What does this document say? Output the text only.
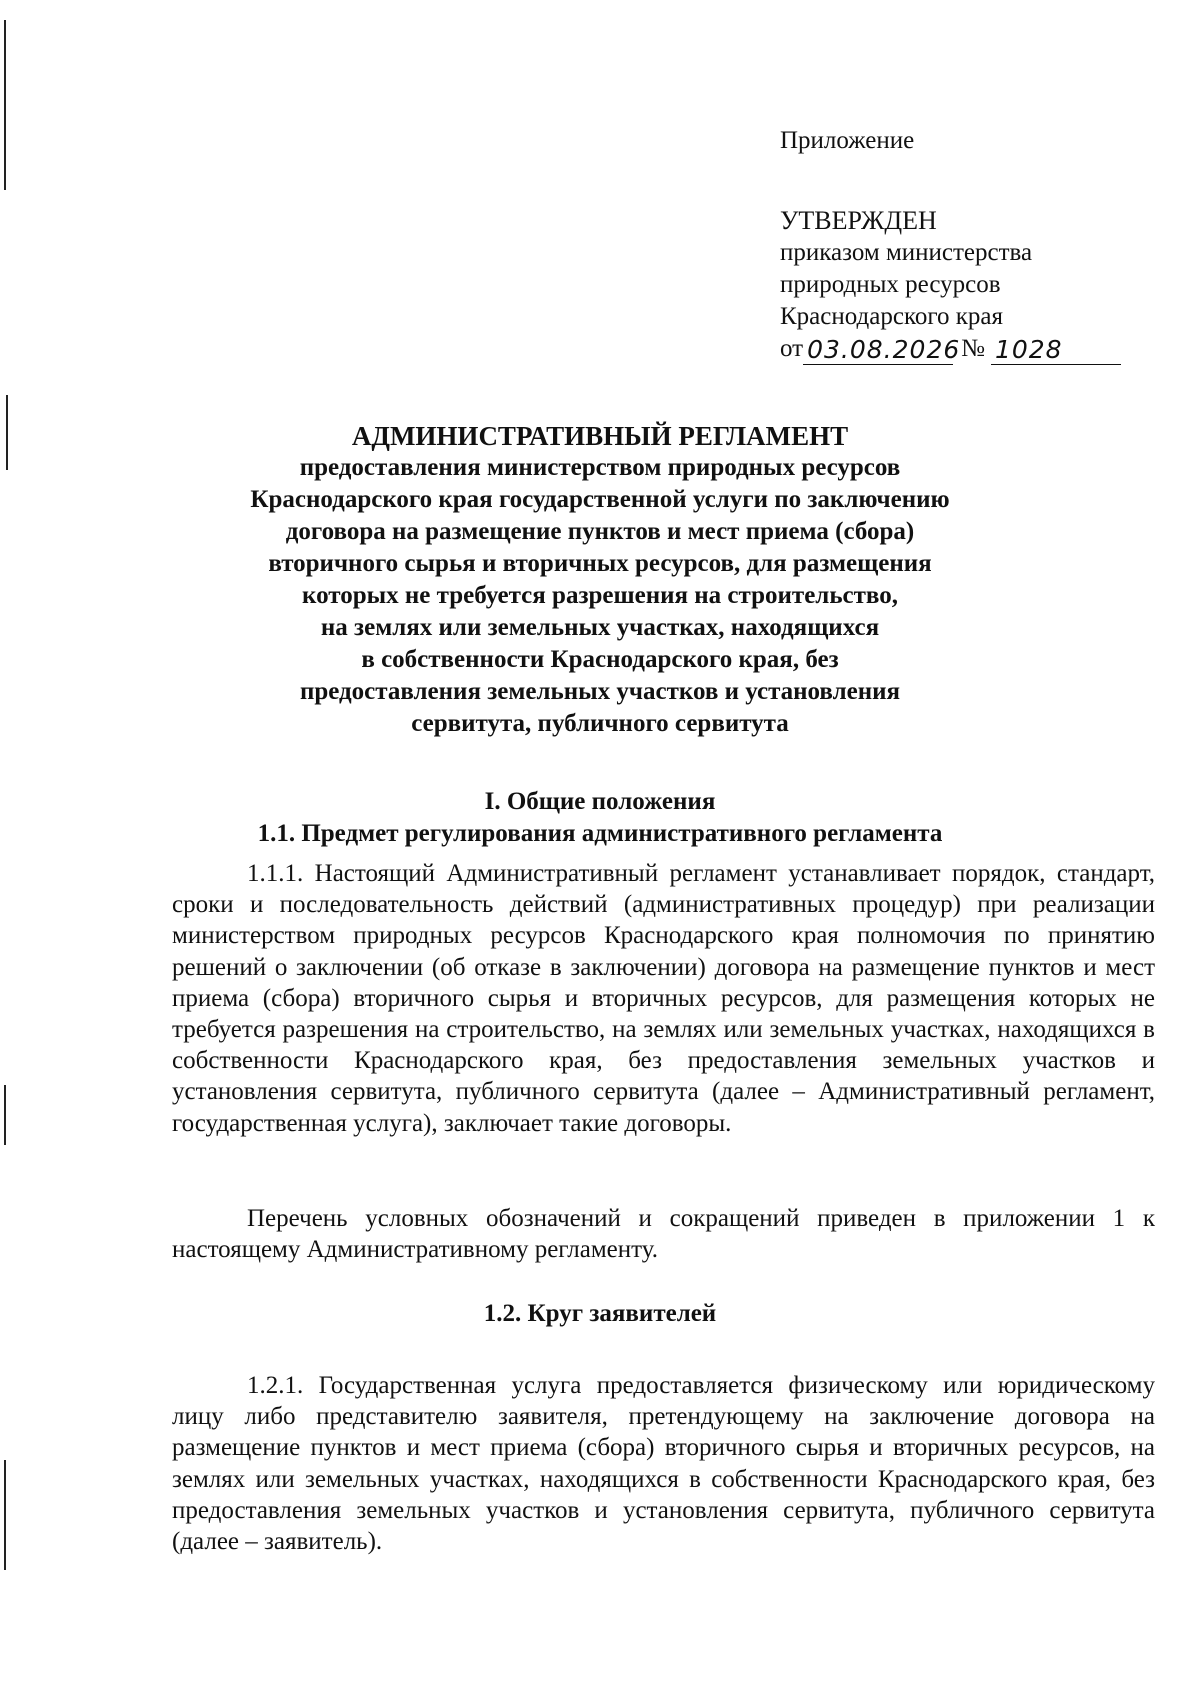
Приложение
УТВЕРЖДЕН
приказом министерства
природных ресурсов
Краснодарского края
от 03.08.2026 № 1028
АДМИНИСТРАТИВНЫЙ РЕГЛАМЕНТ
предоставления министерством природных ресурсов
Краснодарского края государственной услуги по заключению
договора на размещение пунктов и мест приема (сбора)
вторичного сырья и вторичных ресурсов, для размещения
которых не требуется разрешения на строительство,
на землях или земельных участках, находящихся
в собственности Краснодарского края, без
предоставления земельных участков и установления
сервитута, публичного сервитута
I. Общие положения
1.1. Предмет регулирования административного регламента

1.1.1. Настоящий Административный регламент устанавливает порядок, стандарт, сроки и последовательность действий (административных процедур) при реализации министерством природных ресурсов Краснодарского края полномочия по принятию решений о заключении (об отказе в заключении) договора на размещение пунктов и мест приема (сбора) вторичного сырья и вторичных ресурсов, для размещения которых не требуется разрешения на строительство, на землях или земельных участках, находящихся в собственности Краснодарского края, без предоставления земельных участков и установления сервитута, публичного сервитута (далее – Административный регламент, государственная услуга), заключает такие договоры.

Перечень условных обозначений и сокращений приведен в приложении 1 к настоящему Административному регламенту.

1.2. Круг заявителей

1.2.1. Государственная услуга предоставляется физическому или юридическому лицу либо представителю заявителя, претендующему на заключение договора на размещение пунктов и мест приема (сбора) вторичного сырья и вторичных ресурсов, на землях или земельных участках, находящихся в собственности Краснодарского края, без предоставления земельных участков и установления сервитута, публичного сервитута (далее – заявитель).
